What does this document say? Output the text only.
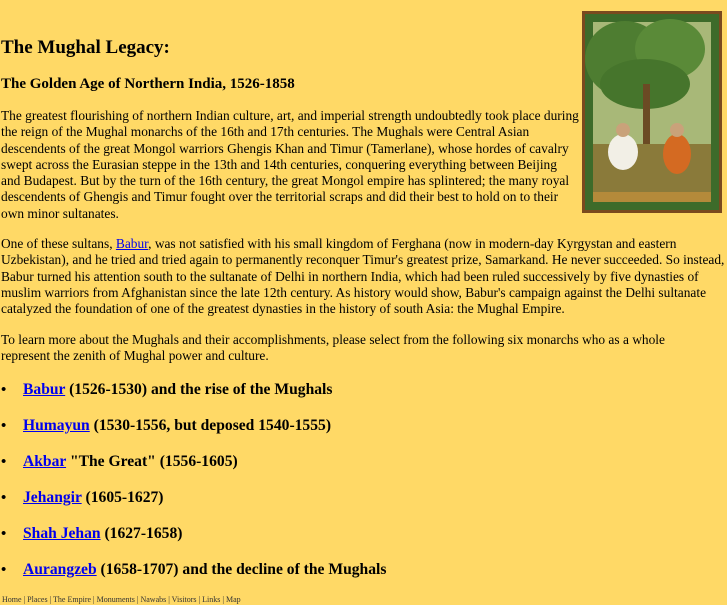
The Mughal Legacy:
The Golden Age of Northern India, 1526-1858

The greatest flourishing of northern Indian culture, art, and imperial strength undoubtedly took place during the reign of the Mughal monarchs of the 16th and 17th centuries. The Mughals were Central Asian descendents of the great Mongol warriors Ghengis Khan and Timur (Tamerlane), whose hordes of cavalry swept across the Eurasian steppe in the 13th and 14th centuries, conquering everything between Beijing and Budapest. But by the turn of the 16th century, the great Mongol empire has splintered; the many royal descendents of Ghengis and Timur fought over the territorial scraps and did their best to hold on to their own minor sultanates.

One of these sultans, Babur, was not satisfied with his small kingdom of Ferghana (now in modern-day Kyrgystan and eastern Uzbekistan), and he tried and tried again to permanently reconquer Timur's greatest prize, Samarkand. He never succeeded. So instead, Babur turned his attention south to the sultanate of Delhi in northern India, which had been ruled successively by five dynasties of muslim warriors from Afghanistan since the late 12th century. As history would show, Babur's campaign against the Delhi sultanate catalyzed the foundation of one of the greatest dynasties in the history of south Asia: the Mughal Empire.

To learn more about the Mughals and their accomplishments, please select from the following six monarchs who as a whole represent the zenith of Mughal power and culture.

• Babur (1526-1530) and the rise of the Mughals
• Humayun (1530-1556, but deposed 1540-1555)
• Akbar "The Great" (1556-1605)
• Jehangir (1605-1627)
• Shah Jehan (1627-1658)
• Aurangzeb (1658-1707) and the decline of the Mughals
Home | Places | The Empire | Monuments | Nawabs | Visitors | Links | Map
